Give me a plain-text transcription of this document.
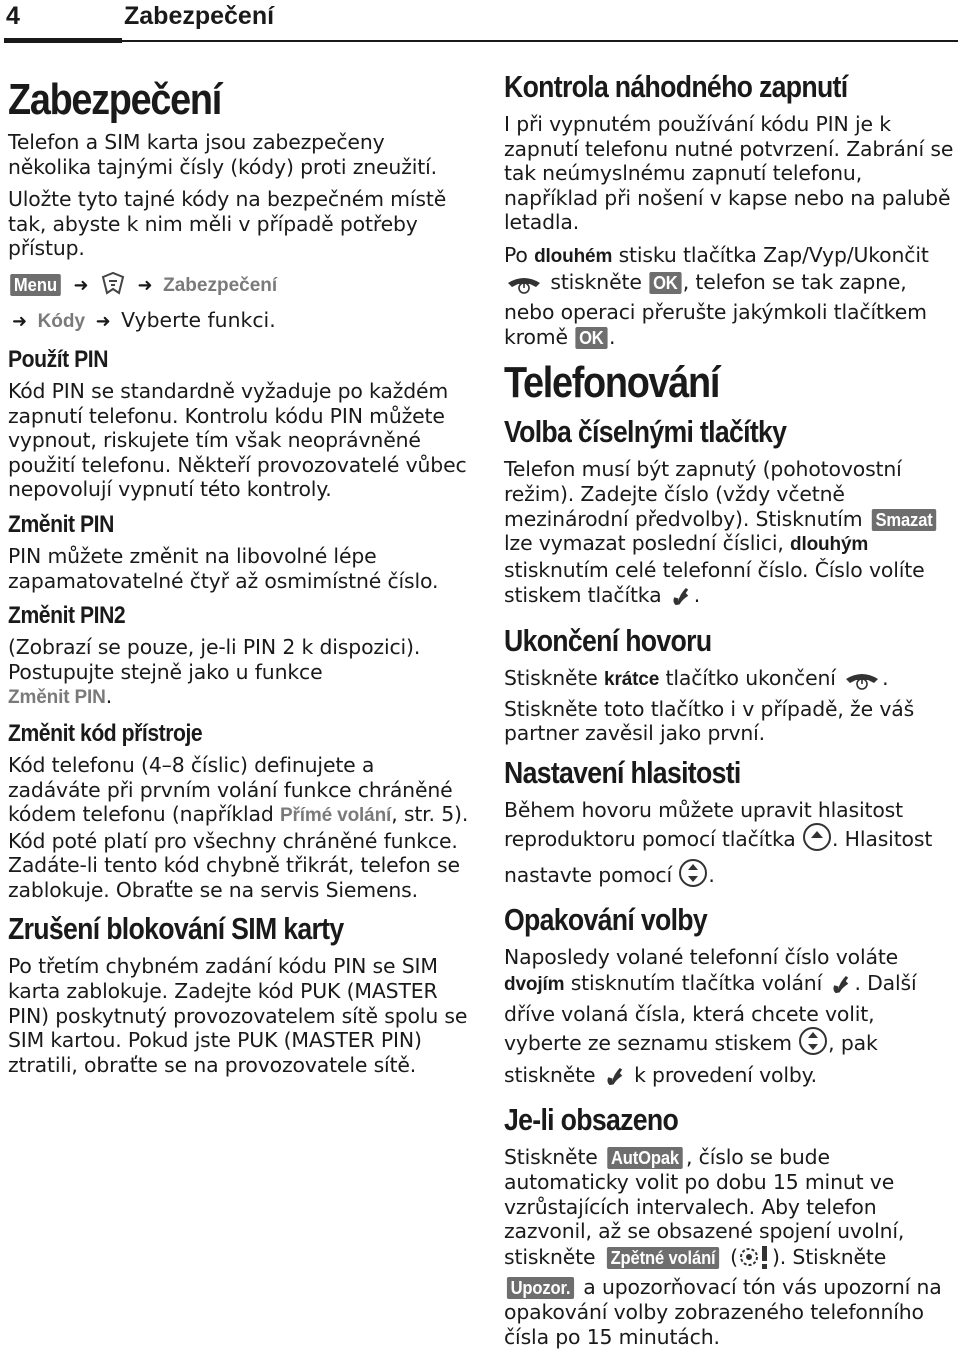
4	Zabezpečení
Zabezpečení

Telefon a SIM karta jsou zabezpečeny několika tajnými čísly (kódy) proti zneužití.

Uložte tyto tajné kódy na bezpečném místě tak, abyste k nim měli v případě potřeby přístup.

Menu ➜	➜ Zabezpečení
➜ Kódy ➜ Vyberte funkci.
Použít PIN

Kód PIN se standardně vyžaduje po každém zapnutí telefonu. Kontrolu kódu PIN můžete vypnout, riskujete tím však neoprávněné použití telefonu. Někteří provozovatelé vůbec nepovolují vypnutí této kontroly.

Změnit PIN

PIN můžete změnit na libovolné lépe zapamatovatelné čtyř až osmimístné číslo.

Změnit PIN2

(Zobrazí se pouze, je-li PIN 2 k dispozici). Postupujte stejně jako u funkce
Změnit PIN.

Změnit kód přístroje

Kód telefonu (4–8 číslic) definujete a zadáváte při prvním volání funkce chráněné kódem telefonu (například Přímé volání, str. 5). Kód poté platí pro všechny chráněné funkce. Zadáte-li tento kód chybně třikrát, telefon se zablokuje. Obraťte se na servis Siemens.

Zrušení blokování SIM karty

Po třetím chybném zadání kódu PIN se SIM karta zablokuje. Zadejte kód PUK (MASTER PIN) poskytnutý provozovatelem sítě spolu se SIM kartou. Pokud jste PUK (MASTER PIN) ztratili, obraťte se na provozovatele sítě.

Kontrola náhodného zapnutí

I při vypnutém používání kódu PIN je k zapnutí telefonu nutné potvrzení. Zabrání se tak neúmyslnému zapnutí telefonu, například při nošení v kapse nebo na palubě letadla.

Po dlouhém stisku tlačítka Zap/Vyp/Ukončit
stiskněte OK , telefon se tak zapne, nebo operaci přerušte jakýmkoli tlačítkem kromě OK .

Telefonování
Volba číselnými tlačítky

Telefon musí být zapnutý (pohotovostní režim). Zadejte číslo (vždy včetně mezinárodní předvolby). Stisknutím Smazat lze vymazat poslední číslici, dlouhým stisknutím celé telefonní číslo. Číslo volíte stiskem tlačítka .

Ukončení hovoru

Stiskněte krátce tlačítko ukončení . Stiskněte toto tlačítko i v případě, že váš partner zavěsil jako první.

Nastavení hlasitosti

Během hovoru můžete upravit hlasitost reproduktoru pomocí tlačítka . Hlasitost nastavte pomocí .

Opakování volby

Naposledy volané telefonní číslo voláte dvojím stisknutím tlačítka volání . Další dříve volaná čísla, která chcete volit, vyberte ze seznamu stiskem , pak stiskněte k provedení volby.

Je-li obsazeno

Stiskněte AutOpak , číslo se bude automaticky volit po dobu 15 minut ve vzrůstajících intervalech. Aby telefon zazvonil, až se obsazené spojení uvolní, stiskněte Zpětné volání ( ). Stiskněte Upozor. a upozorňovací tón vás upozorní na opakování volby zobrazeného telefonního čísla po 15 minutách.
